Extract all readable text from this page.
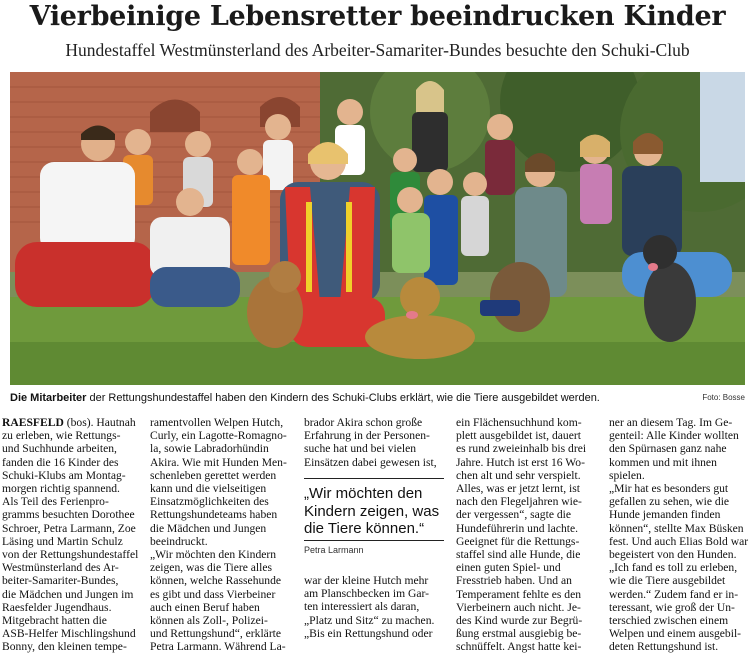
Vierbeinige Lebensretter beeindrucken Kinder
Hundestaffel Westmünsterland des Arbeiter-Samariter-Bundes besuchte den Schuki-Club
Die Mitarbeiter der Rettungshundestaffel haben den Kindern des Schuki-Clubs erklärt, wie die Tiere ausgebildet werden.	Foto: Bosse
RAESFELD (bos). Hautnah
zu erleben, wie Rettungs-
und Suchhunde arbeiten,
fanden die 16 Kinder des
Schuki-Klubs am Montag-
morgen richtig spannend.
Als Teil des Ferienpro-
gramms besuchten Dorothee
Schroer, Petra Larmann, Zoe
Läsing und Martin Schulz
von der Rettungshundestaffel
Westmünsterland des Ar-
beiter-Samariter-Bundes,
die Mädchen und Jungen im
Raesfelder Jugendhaus.
Mitgebracht hatten die
ASB-Helfer Mischlingshund
Bonny, den kleinen tempe-
ramentvollen Welpen Hutch,
Curly, ein Lagotte-Romagno-
la, sowie Labradorhündin
Akira. Wie mit Hunden Men-
schenleben gerettet werden
kann und die vielseitigen
Einsatzmöglichkeiten des
Rettungshundeteams haben
die Mädchen und Jungen
beeindruckt.
„Wir möchten den Kindern
zeigen, was die Tiere alles
können, welche Rassehunde
es gibt und dass Vierbeiner
auch einen Beruf haben
können als Zoll-, Polizei-
und Rettungshund“, erklärte
Petra Larmann. Während La-
brador Akira schon große
Erfahrung in der Personen-
suche hat und bei vielen
Einsätzen dabei gewesen ist,
„Wir möchten den Kindern zeigen, was die Tiere können.“
Petra Larmann
war der kleine Hutch mehr
am Planschbecken im Gar-
ten interessiert als daran,
„Platz und Sitz“ zu machen.
„Bis ein Rettungshund oder
ein Flächensuchhund kom-
plett ausgebildet ist, dauert
es rund zweieinhalb bis drei
Jahre. Hutch ist erst 16 Wo-
chen alt und sehr verspielt.
Alles, was er jetzt lernt, ist
nach den Flegeljahren wie-
der vergessen“, sagte die
Hundeführerin und lachte.
Geeignet für die Rettungs-
staffel sind alle Hunde, die
einen guten Spiel- und
Fresstrieb haben. Und an
Temperament fehlte es den
Vierbeinern auch nicht. Je-
des Kind wurde zur Begrü-
ßung erstmal ausgiebig be-
schnüffelt. Angst hatte kei-
ner an diesem Tag. Im Ge-
genteil: Alle Kinder wollten
den Spürnasen ganz nahe
kommen und mit ihnen
spielen.
„Mir hat es besonders gut
gefallen zu sehen, wie die
Hunde jemanden finden
können“, stellte Max Büsken
fest. Und auch Elias Bold war
begeistert von den Hunden.
„Ich fand es toll zu erleben,
wie die Tiere ausgebildet
werden.“ Zudem fand er in-
teressant, wie groß der Un-
terschied zwischen einem
Welpen und einem ausgebil-
deten Rettungshund ist.
